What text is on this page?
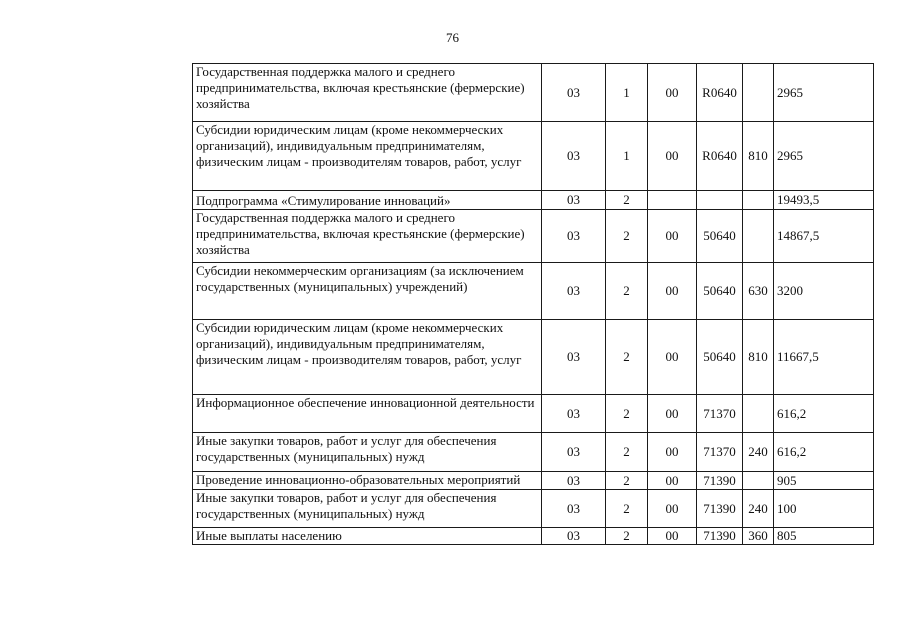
76
Государственная поддержка малого и среднего предпринимательства, включая крестьянские (фермерские) хозяйства	03	1	00	R0640		2965
Субсидии юридическим лицам (кроме некоммерческих организаций), индивидуальным предпринимателям, физическим лицам - производителям товаров, работ, услуг	03	1	00	R0640	810	2965
Подпрограмма «Стимулирование инноваций»	03	2				19493,5
Государственная поддержка малого и среднего предпринимательства, включая крестьянские (фермерские) хозяйства	03	2	00	50640		14867,5
Субсидии некоммерческим организациям (за исключением государственных (муниципальных) учреждений)	03	2	00	50640	630	3200
Субсидии юридическим лицам (кроме некоммерческих организаций), индивидуальным предпринимателям, физическим лицам - производителям товаров, работ, услуг	03	2	00	50640	810	11667,5
Информационное обеспечение инновационной деятельности	03	2	00	71370		616,2
Иные закупки товаров, работ и услуг для обеспечения государственных (муниципальных) нужд	03	2	00	71370	240	616,2
Проведение инновационно-образовательных мероприятий	03	2	00	71390		905
Иные закупки товаров, работ и услуг для обеспечения государственных (муниципальных) нужд	03	2	00	71390	240	100
Иные выплаты населению	03	2	00	71390	360	805
